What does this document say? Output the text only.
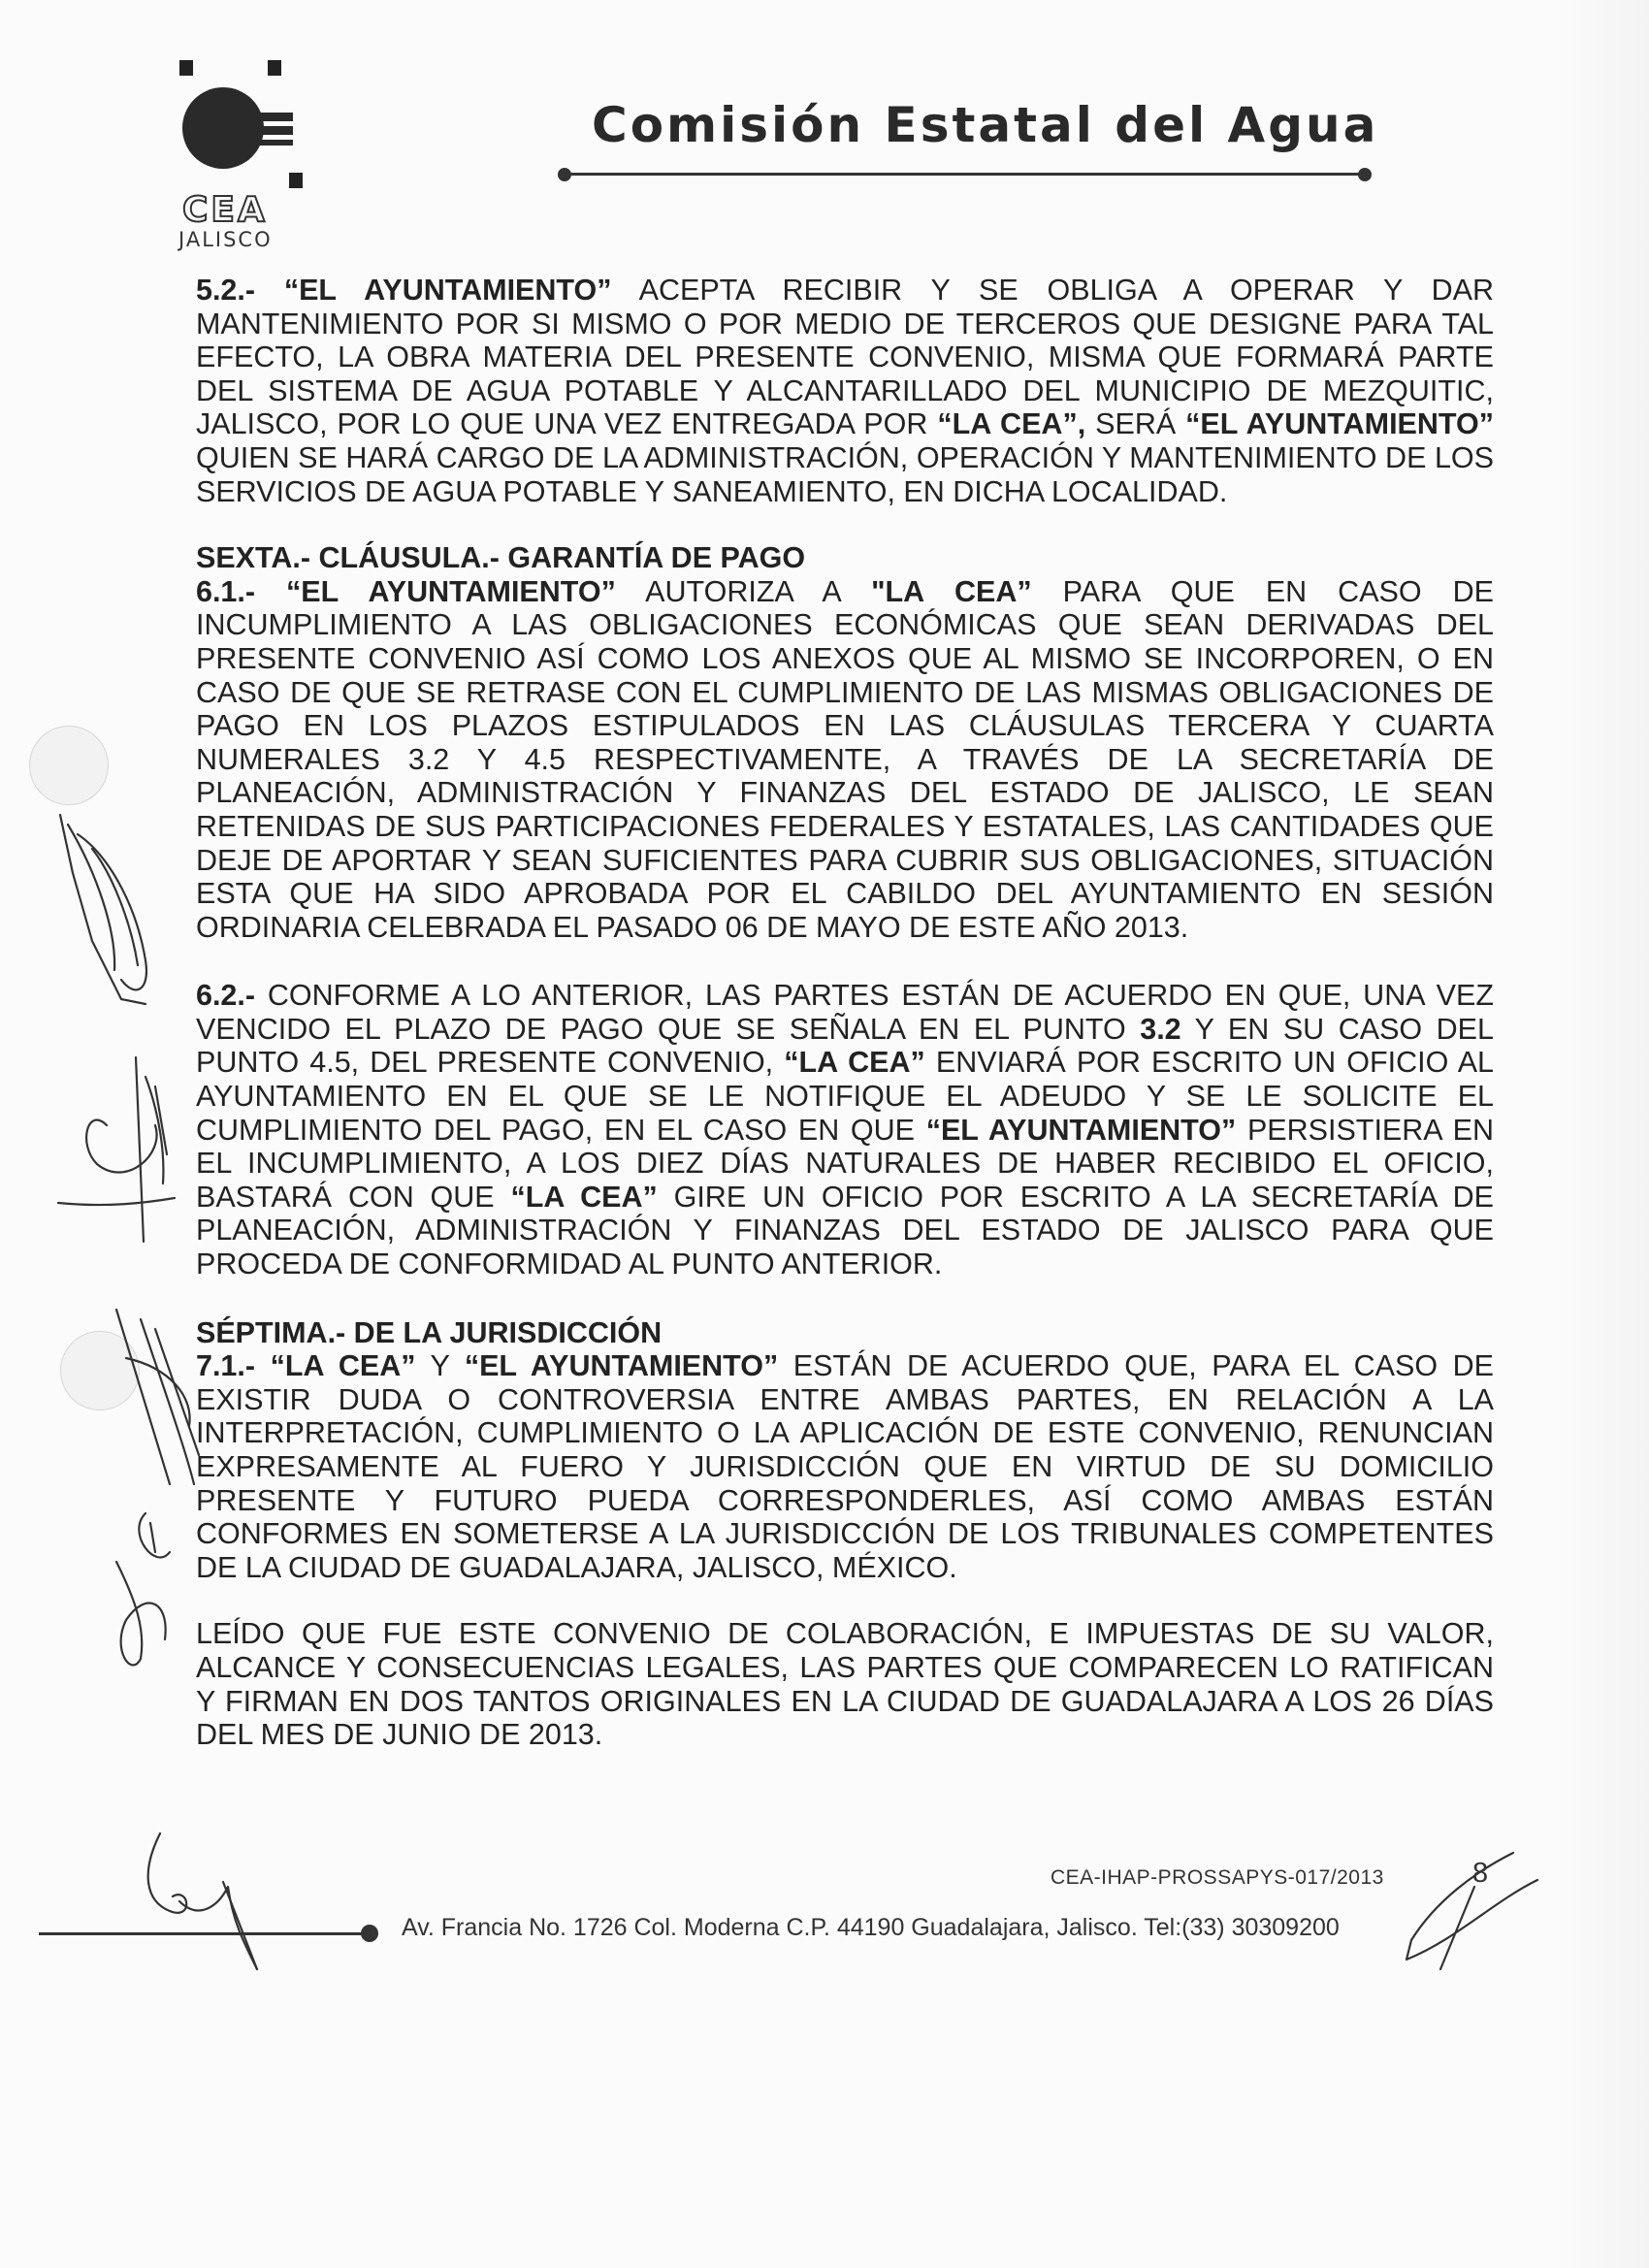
CEA
JALISCO
Comisión Estatal del Agua

5.2.- “EL AYUNTAMIENTO” ACEPTA RECIBIR Y SE OBLIGA A OPERAR Y DAR MANTENIMIENTO POR SI MISMO O POR MEDIO DE TERCEROS QUE DESIGNE PARA TAL EFECTO, LA OBRA MATERIA DEL PRESENTE CONVENIO, MISMA QUE FORMARÁ PARTE DEL SISTEMA DE AGUA POTABLE Y ALCANTARILLADO DEL MUNICIPIO DE MEZQUITIC, JALISCO, POR LO QUE UNA VEZ ENTREGADA POR “LA CEA”, SERÁ “EL AYUNTAMIENTO” QUIEN SE HARÁ CARGO DE LA ADMINISTRACIÓN, OPERACIÓN Y MANTENIMIENTO DE LOS SERVICIOS DE AGUA POTABLE Y SANEAMIENTO, EN DICHA LOCALIDAD.

SEXTA.- CLÁUSULA.- GARANTÍA DE PAGO

6.1.- “EL AYUNTAMIENTO” AUTORIZA A "LA CEA” PARA QUE EN CASO DE INCUMPLIMIENTO A LAS OBLIGACIONES ECONÓMICAS QUE SEAN DERIVADAS DEL PRESENTE CONVENIO ASÍ COMO LOS ANEXOS QUE AL MISMO SE INCORPOREN, O EN CASO DE QUE SE RETRASE CON EL CUMPLIMIENTO DE LAS MISMAS OBLIGACIONES DE PAGO EN LOS PLAZOS ESTIPULADOS EN LAS CLÁUSULAS TERCERA Y CUARTA NUMERALES 3.2 Y 4.5 RESPECTIVAMENTE, A TRAVÉS DE LA SECRETARÍA DE PLANEACIÓN, ADMINISTRACIÓN Y FINANZAS DEL ESTADO DE JALISCO, LE SEAN RETENIDAS DE SUS PARTICIPACIONES FEDERALES Y ESTATALES, LAS CANTIDADES QUE DEJE DE APORTAR Y SEAN SUFICIENTES PARA CUBRIR SUS OBLIGACIONES, SITUACIÓN ESTA QUE HA SIDO APROBADA POR EL CABILDO DEL AYUNTAMIENTO EN SESIÓN ORDINARIA CELEBRADA EL PASADO 06 DE MAYO DE ESTE AÑO 2013.

6.2.- CONFORME A LO ANTERIOR, LAS PARTES ESTÁN DE ACUERDO EN QUE, UNA VEZ VENCIDO EL PLAZO DE PAGO QUE SE SEÑALA EN EL PUNTO 3.2 Y EN SU CASO DEL PUNTO 4.5, DEL PRESENTE CONVENIO, “LA CEA” ENVIARÁ POR ESCRITO UN OFICIO AL AYUNTAMIENTO EN EL QUE SE LE NOTIFIQUE EL ADEUDO Y SE LE SOLICITE EL CUMPLIMIENTO DEL PAGO, EN EL CASO EN QUE “EL AYUNTAMIENTO” PERSISTIERA EN EL INCUMPLIMIENTO, A LOS DIEZ DÍAS NATURALES DE HABER RECIBIDO EL OFICIO, BASTARÁ CON QUE “LA CEA” GIRE UN OFICIO POR ESCRITO A LA SECRETARÍA DE PLANEACIÓN, ADMINISTRACIÓN Y FINANZAS DEL ESTADO DE JALISCO PARA QUE PROCEDA DE CONFORMIDAD AL PUNTO ANTERIOR.

SÉPTIMA.- DE LA JURISDICCIÓN

7.1.- “LA CEA” Y “EL AYUNTAMIENTO” ESTÁN DE ACUERDO QUE, PARA EL CASO DE EXISTIR DUDA O CONTROVERSIA ENTRE AMBAS PARTES, EN RELACIÓN A LA INTERPRETACIÓN, CUMPLIMIENTO O LA APLICACIÓN DE ESTE CONVENIO, RENUNCIAN EXPRESAMENTE AL FUERO Y JURISDICCIÓN QUE EN VIRTUD DE SU DOMICILIO PRESENTE Y FUTURO PUEDA CORRESPONDERLES, ASÍ COMO AMBAS ESTÁN CONFORMES EN SOMETERSE A LA JURISDICCIÓN DE LOS TRIBUNALES COMPETENTES DE LA CIUDAD DE GUADALAJARA, JALISCO, MÉXICO.

LEÍDO QUE FUE ESTE CONVENIO DE COLABORACIÓN, E IMPUESTAS DE SU VALOR, ALCANCE Y CONSECUENCIAS LEGALES, LAS PARTES QUE COMPARECEN LO RATIFICAN Y FIRMAN EN DOS TANTOS ORIGINALES EN LA CIUDAD DE GUADALAJARA A LOS 26 DÍAS DEL MES DE JUNIO DE 2013.

CEA-IHAP-PROSSAPYS-017/2013	8
Av. Francia No. 1726 Col. Moderna C.P. 44190 Guadalajara, Jalisco. Tel:(33) 30309200
